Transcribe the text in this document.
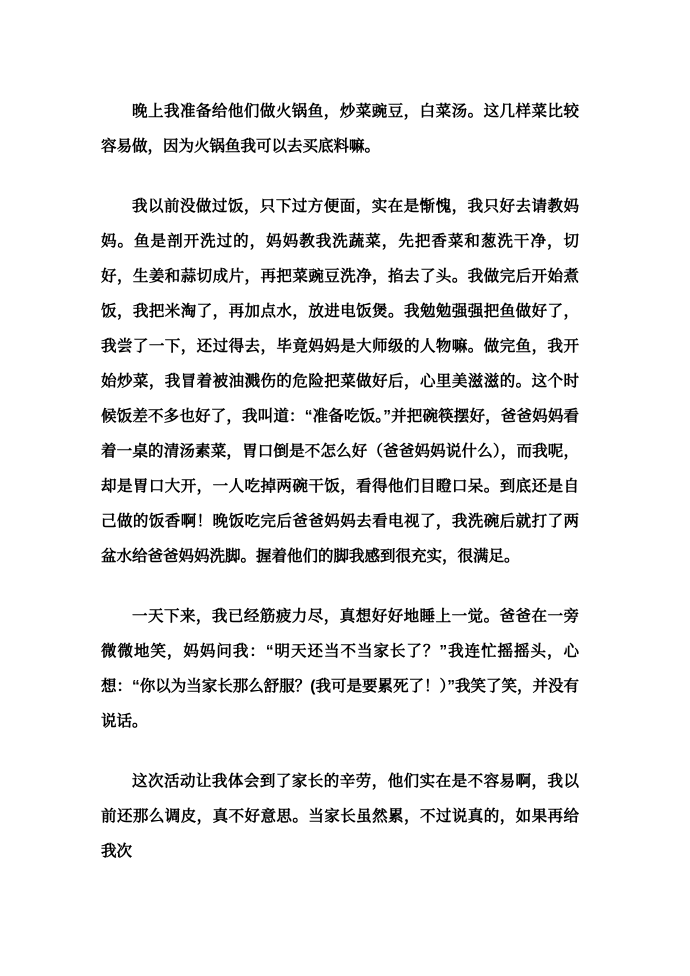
晚上我准备给他们做火锅鱼，炒菜豌豆，白菜汤。这几样菜比较容易做，因为火锅鱼我可以去买底料嘛。

我以前没做过饭，只下过方便面，实在是惭愧，我只好去请教妈妈。鱼是剖开洗过的，妈妈教我洗蔬菜，先把香菜和葱洗干净，切好，生姜和蒜切成片，再把菜豌豆洗净，掐去了头。我做完后开始煮饭，我把米淘了，再加点水，放进电饭煲。我勉勉强强把鱼做好了，我尝了一下，还过得去，毕竟妈妈是大师级的人物嘛。做完鱼，我开始炒菜，我冒着被油溅伤的危险把菜做好后，心里美滋滋的。这个时候饭差不多也好了，我叫道：“准备吃饭。”并把碗筷摆好，爸爸妈妈看着一桌的清汤素菜，胃口倒是不怎么好（爸爸妈妈说什么），而我呢，却是胃口大开，一人吃掉两碗干饭，看得他们目瞪口呆。到底还是自己做的饭香啊！晚饭吃完后爸爸妈妈去看电视了，我洗碗后就打了两盆水给爸爸妈妈洗脚。握着他们的脚我感到很充实，很满足。

一天下来，我已经筋疲力尽，真想好好地睡上一觉。爸爸在一旁微微地笑，妈妈问我：“明天还当不当家长了？”我连忙摇摇头，心想：“你以为当家长那么舒服？(我可是要累死了！）”我笑了笑，并没有说话。

这次活动让我体会到了家长的辛劳，他们实在是不容易啊，我以前还那么调皮，真不好意思。当家长虽然累，不过说真的，如果再给我次
